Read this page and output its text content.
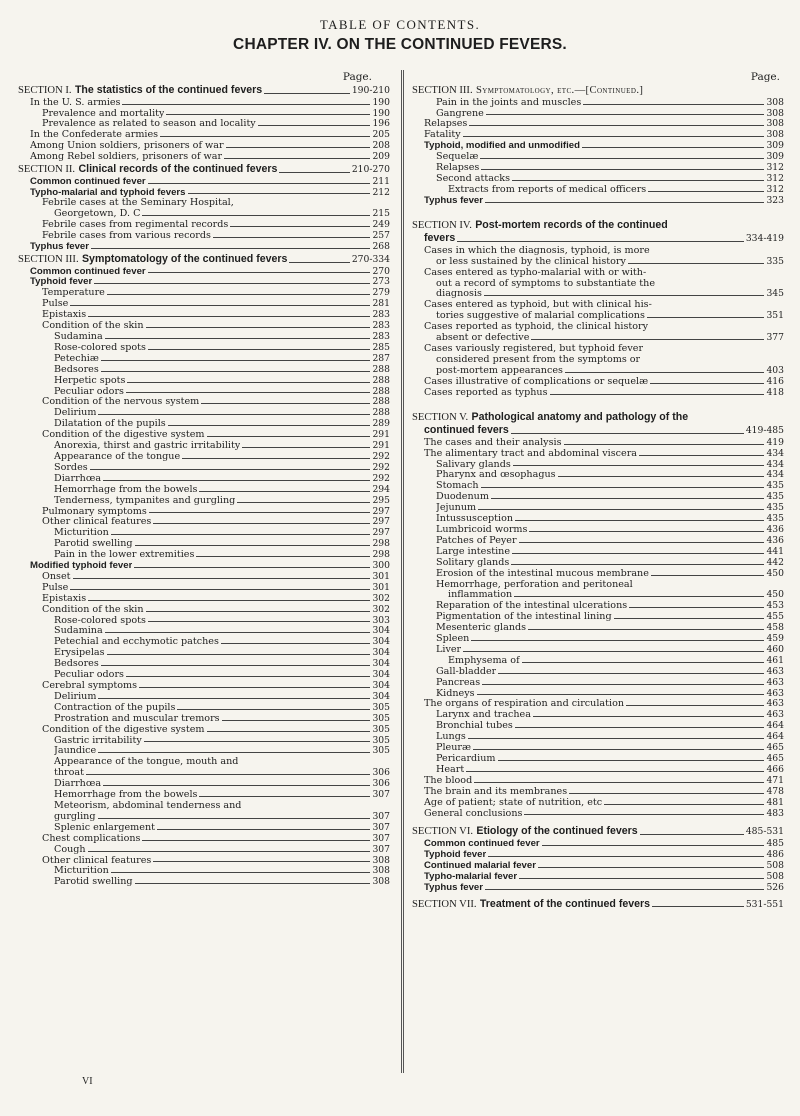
TABLE OF CONTENTS.
CHAPTER IV. ON THE CONTINUED FEVERS.
Page.
SECTION I. The statistics of the continued fevers	190-210
In the U. S. armies	190
Prevalence and mortality	190
Prevalence as related to season and locality	196
In the Confederate armies	205
Among Union soldiers, prisoners of war	208
Among Rebel soldiers, prisoners of war	209
SECTION II. Clinical records of the continued fevers	210-270
Common continued fever	211
Typho-malarial and typhoid fevers	212
Febrile cases at the Seminary Hospital,
Georgetown, D. C	215
Febrile cases from regimental records	249
Febrile cases from various records	257
Typhus fever	268
SECTION III. Symptomatology of the continued fevers	270-334
Common continued fever	270
Typhoid fever	273
Temperature	279
Pulse	281
Epistaxis	283
Condition of the skin	283
Sudamina	283
Rose-colored spots	285
Petechiæ	287
Bedsores	288
Herpetic spots	288
Peculiar odors	288
Condition of the nervous system	288
Delirium	288
Dilatation of the pupils	289
Condition of the digestive system	291
Anorexia, thirst and gastric irritability	291
Appearance of the tongue	292
Sordes	292
Diarrhœa	292
Hemorrhage from the bowels	294
Tenderness, tympanites and gurgling	295
Pulmonary symptoms	297
Other clinical features	297
Micturition	297
Parotid swelling	298
Pain in the lower extremities	298
Modified typhoid fever	300
Onset	301
Pulse	301
Epistaxis	302
Condition of the skin	302
Rose-colored spots	303
Sudamina	304
Petechial and ecchymotic patches	304
Erysipelas	304
Bedsores	304
Peculiar odors	304
Cerebral symptoms	304
Delirium	304
Contraction of the pupils	305
Prostration and muscular tremors	305
Condition of the digestive system	305
Gastric irritability	305
Jaundice	305
Appearance of the tongue, mouth and
throat	306
Diarrhœa	306
Hemorrhage from the bowels	307
Meteorism, abdominal tenderness and
gurgling	307
Splenic enlargement	307
Chest complications	307
Cough	307
Other clinical features	308
Micturition	308
Parotid swelling	308
Page.
SECTION III. Symptomatology, etc.—[Continued.]
Pain in the joints and muscles	308
Gangrene	308
Relapses	308
Fatality	308
Typhoid, modified and unmodified	309
Sequelæ	309
Relapses	312
Second attacks	312
Extracts from reports of medical officers	312
Typhus fever	323
SECTION IV. Post-mortem records of the continued
fevers	334-419
Cases in which the diagnosis, typhoid, is more
or less sustained by the clinical history	335
Cases entered as typho-malarial with or with-
out a record of symptoms to substantiate the
diagnosis	345
Cases entered as typhoid, but with clinical his-
tories suggestive of malarial complications	351
Cases reported as typhoid, the clinical history
absent or defective	377
Cases variously registered, but typhoid fever
considered present from the symptoms or
post-mortem appearances	403
Cases illustrative of complications or sequelæ	416
Cases reported as typhus	418
SECTION V. Pathological anatomy and pathology of the
continued fevers	419-485
The cases and their analysis	419
The alimentary tract and abdominal viscera	434
Salivary glands	434
Pharynx and œsophagus	434
Stomach	435
Duodenum	435
Jejunum	435
Intussusception	435
Lumbricoid worms	436
Patches of Peyer	436
Large intestine	441
Solitary glands	442
Erosion of the intestinal mucous membrane	450
Hemorrhage, perforation and peritoneal
inflammation	450
Reparation of the intestinal ulcerations	453
Pigmentation of the intestinal lining	455
Mesenteric glands	458
Spleen	459
Liver	460
Emphysema of	461
Gall-bladder	463
Pancreas	463
Kidneys	463
The organs of respiration and circulation	463
Larynx and trachea	463
Bronchial tubes	464
Lungs	464
Pleuræ	465
Pericardium	465
Heart	466
The blood	471
The brain and its membranes	478
Age of patient; state of nutrition, etc	481
General conclusions	483
SECTION VI. Etiology of the continued fevers	485-531
Common continued fever	485
Typhoid fever	486
Continued malarial fever	508
Typho-malarial fever	508
Typhus fever	526
SECTION VII. Treatment of the continued fevers	531-551
VI
